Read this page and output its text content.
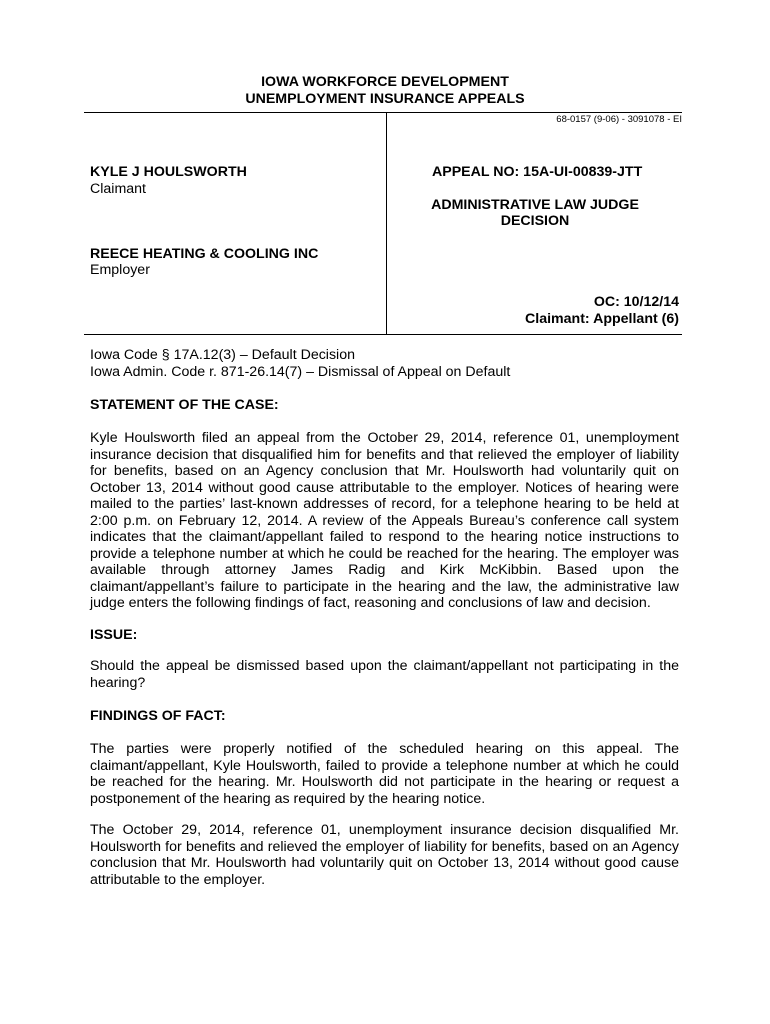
IOWA WORKFORCE DEVELOPMENT
UNEMPLOYMENT INSURANCE APPEALS
68-0157 (9-06) - 3091078 - EI
KYLE J HOULSWORTH
Claimant
REECE HEATING & COOLING INC
Employer
APPEAL NO: 15A-UI-00839-JTT
ADMINISTRATIVE LAW JUDGE
DECISION
OC: 10/12/14
Claimant: Appellant (6)
Iowa Code § 17A.12(3) – Default Decision
Iowa Admin. Code r. 871-26.14(7) – Dismissal of Appeal on Default
STATEMENT OF THE CASE:

Kyle Houlsworth filed an appeal from the October 29, 2014, reference 01, unemployment insurance decision that disqualified him for benefits and that relieved the employer of liability for benefits, based on an Agency conclusion that Mr. Houlsworth had voluntarily quit on October 13, 2014 without good cause attributable to the employer. Notices of hearing were mailed to the parties’ last-known addresses of record, for a telephone hearing to be held at 2:00 p.m. on February 12, 2014. A review of the Appeals Bureau’s conference call system indicates that the claimant/appellant failed to respond to the hearing notice instructions to provide a telephone number at which he could be reached for the hearing. The employer was available through attorney James Radig and Kirk McKibbin. Based upon the claimant/appellant’s failure to participate in the hearing and the law, the administrative law judge enters the following findings of fact, reasoning and conclusions of law and decision.

ISSUE:

Should the appeal be dismissed based upon the claimant/appellant not participating in the hearing?

FINDINGS OF FACT:

The parties were properly notified of the scheduled hearing on this appeal. The claimant/appellant, Kyle Houlsworth, failed to provide a telephone number at which he could be reached for the hearing. Mr. Houlsworth did not participate in the hearing or request a postponement of the hearing as required by the hearing notice.

The October 29, 2014, reference 01, unemployment insurance decision disqualified Mr. Houlsworth for benefits and relieved the employer of liability for benefits, based on an Agency conclusion that Mr. Houlsworth had voluntarily quit on October 13, 2014 without good cause attributable to the employer.
